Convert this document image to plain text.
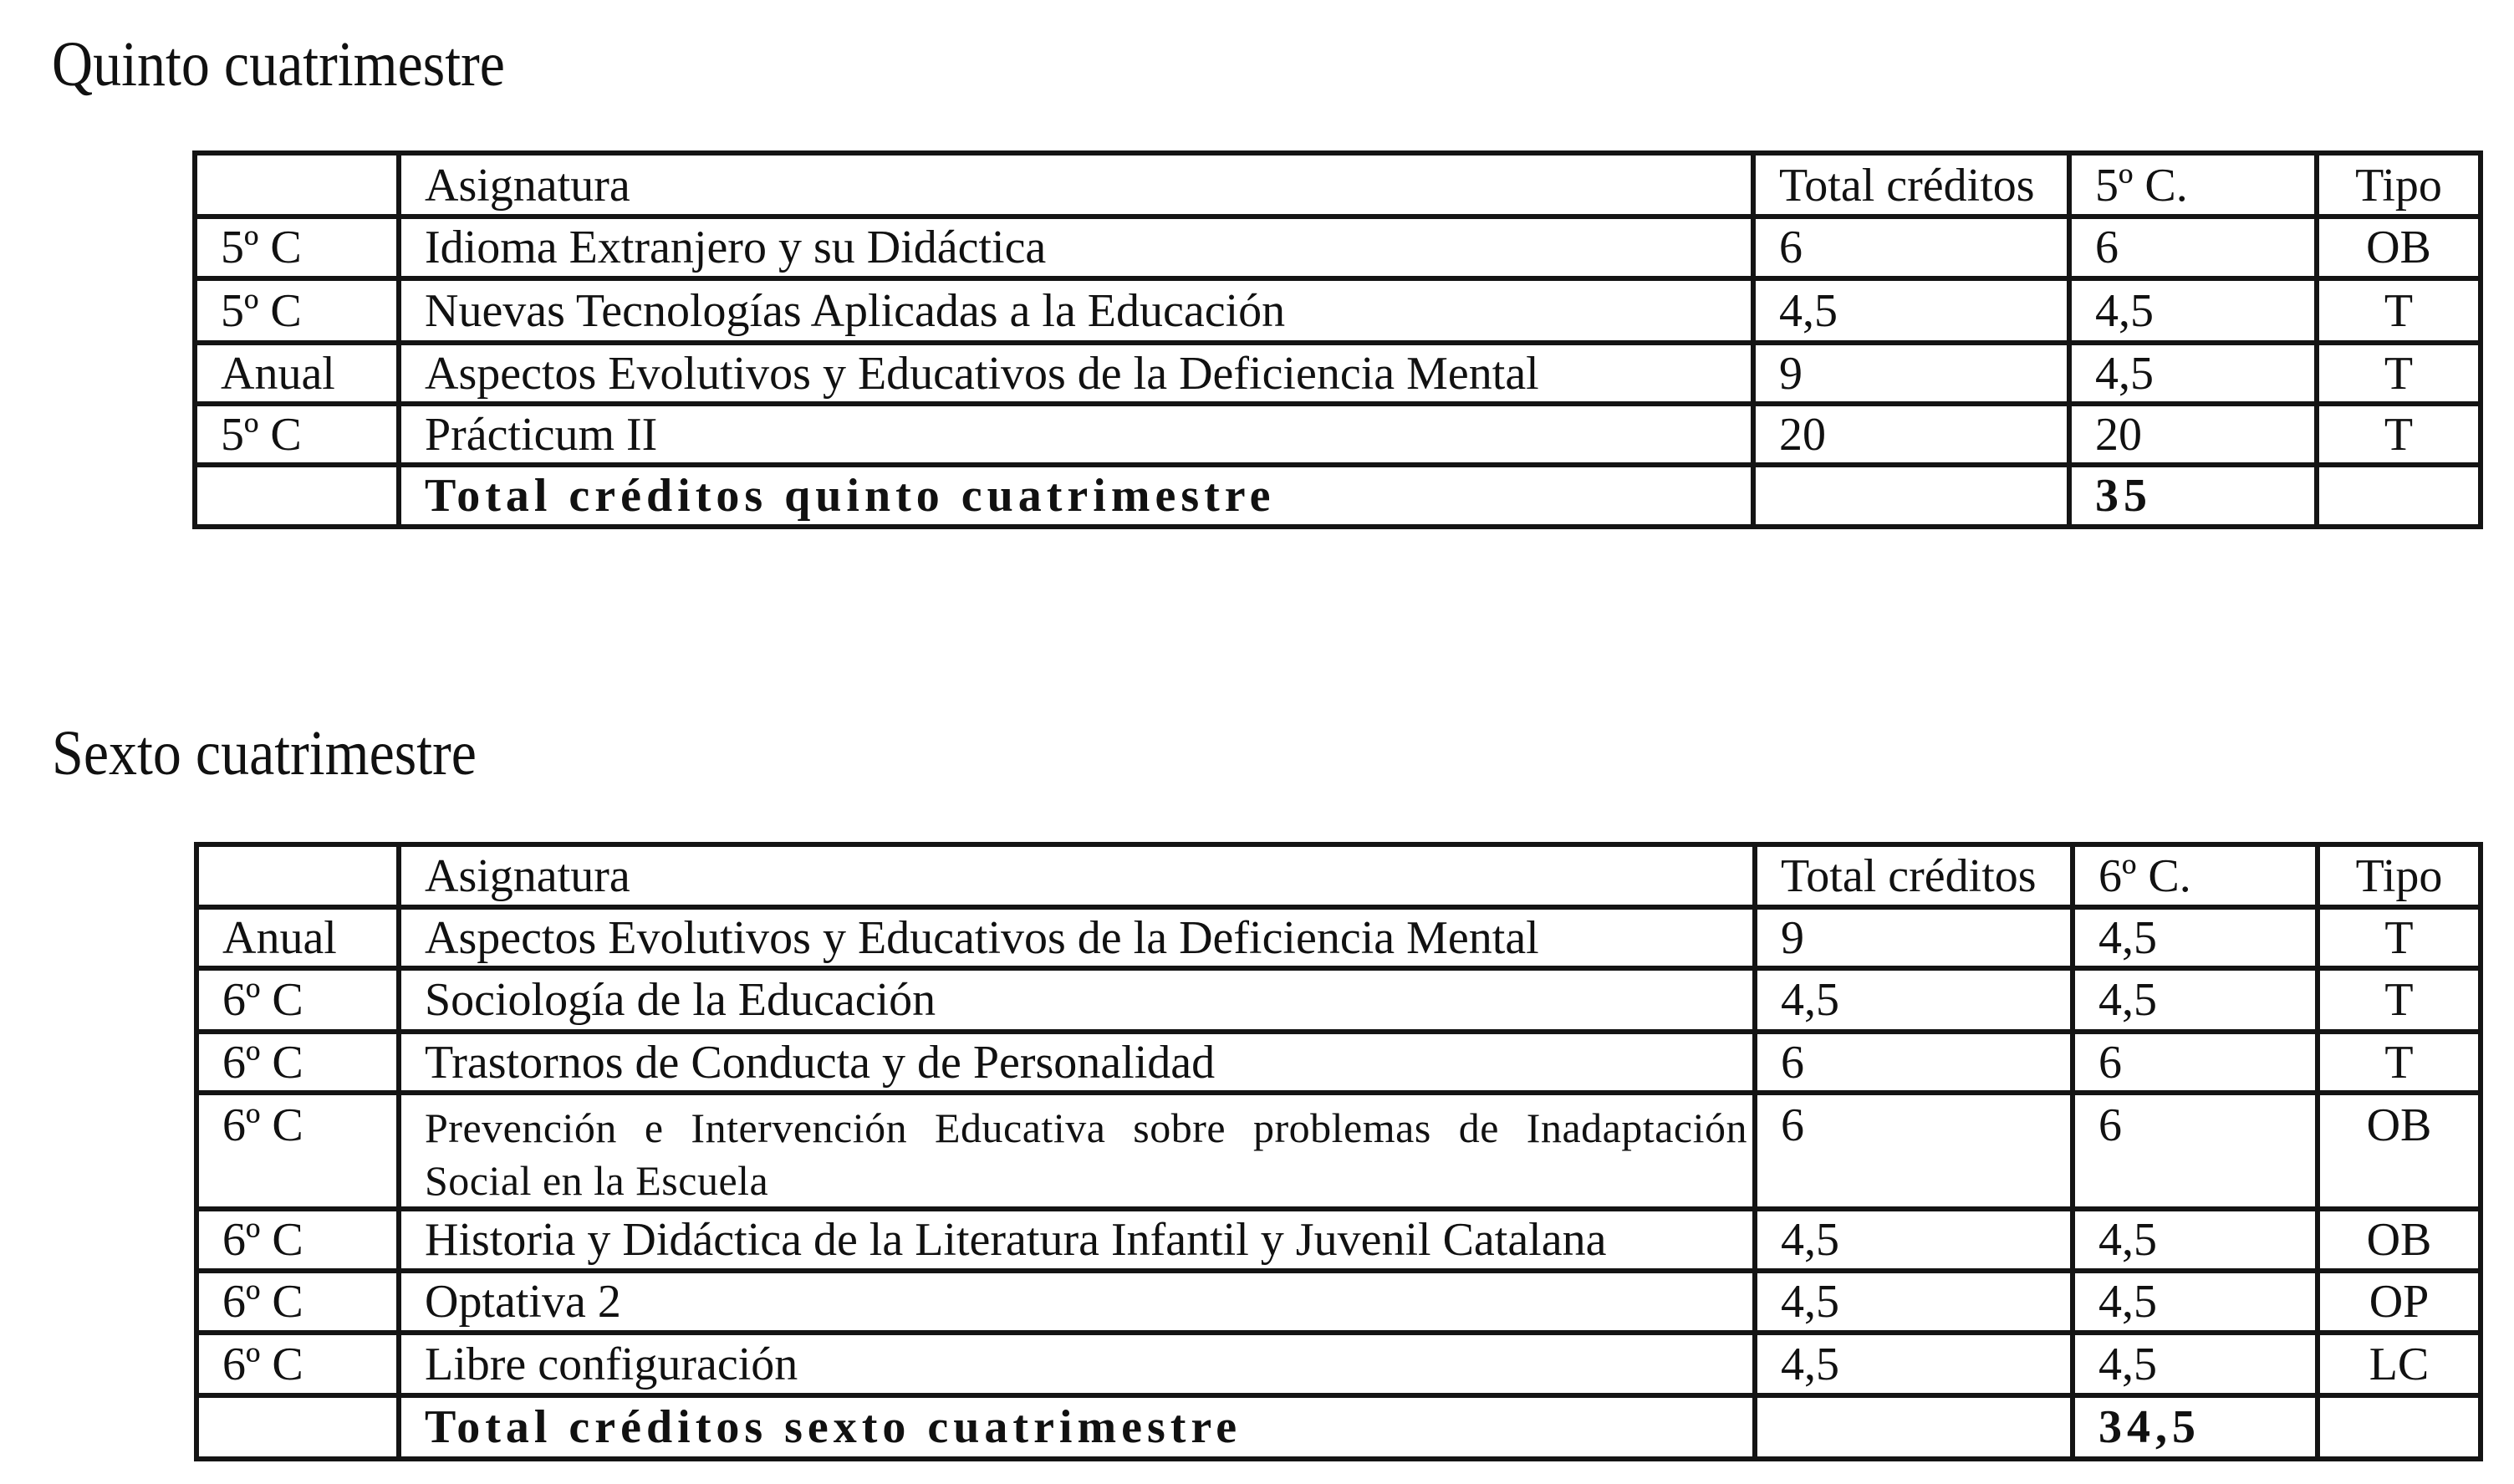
Quinto cuatrimestre
	Asignatura	Total créditos	5º C.	Tipo
5º C	Idioma Extranjero y su Didáctica	6	6	OB
5º C	Nuevas Tecnologías Aplicadas a la Educación	4,5	4,5	T
Anual	Aspectos Evolutivos y Educativos de la Deficiencia Mental	9	4,5	T
5º C	Prácticum II	20	20	T
	Total créditos quinto cuatrimestre		35	
Sexto cuatrimestre
	Asignatura	Total créditos	6º C.	Tipo
Anual	Aspectos Evolutivos y Educativos de la Deficiencia Mental	9	4,5	T
6º C	Sociología de la Educación	4,5	4,5	T
6º C	Trastornos de Conducta y de Personalidad	6	6	T
6º C	Prevención e Intervención Educativa sobre problemas de Inadaptación Social en la Escuela	6	6	OB
6º C	Historia y Didáctica de la Literatura Infantil y Juvenil Catalana	4,5	4,5	OB
6º C	Optativa 2	4,5	4,5	OP
6º C	Libre configuración	4,5	4,5	LC
	Total créditos sexto cuatrimestre		34,5	
